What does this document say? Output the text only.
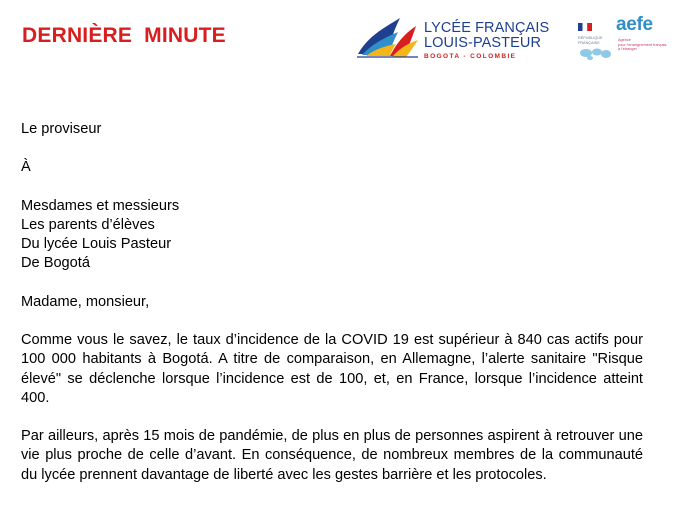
DERNIÈRE  MINUTE	LYCÉE FRANÇAIS
LOUIS-PASTEUR
BOGOTA - COLOMBIE
RÉPUBLIQUE
FRANÇAISE
aefe
Agence
pour l'enseignement français
à l'étranger

Le proviseur

À

Mesdames et messieurs

Les parents d’élèves

Du lycée Louis Pasteur

De Bogotá

Madame, monsieur,

Comme vous le savez, le taux d’incidence de la COVID 19 est supérieur à 840 cas actifs pour 100 000 habitants à Bogotá. A titre de comparaison, en Allemagne, l’alerte sanitaire "Risque élevé" se déclenche lorsque l’incidence est de 100, et, en France, lorsque l’incidence atteint 400.

Par ailleurs, après 15 mois de pandémie, de plus en plus de personnes aspirent à retrouver une vie plus proche de celle d’avant. En conséquence, de nombreux membres de la communauté du lycée prennent davantage de liberté avec les gestes barrière et les protocoles.
